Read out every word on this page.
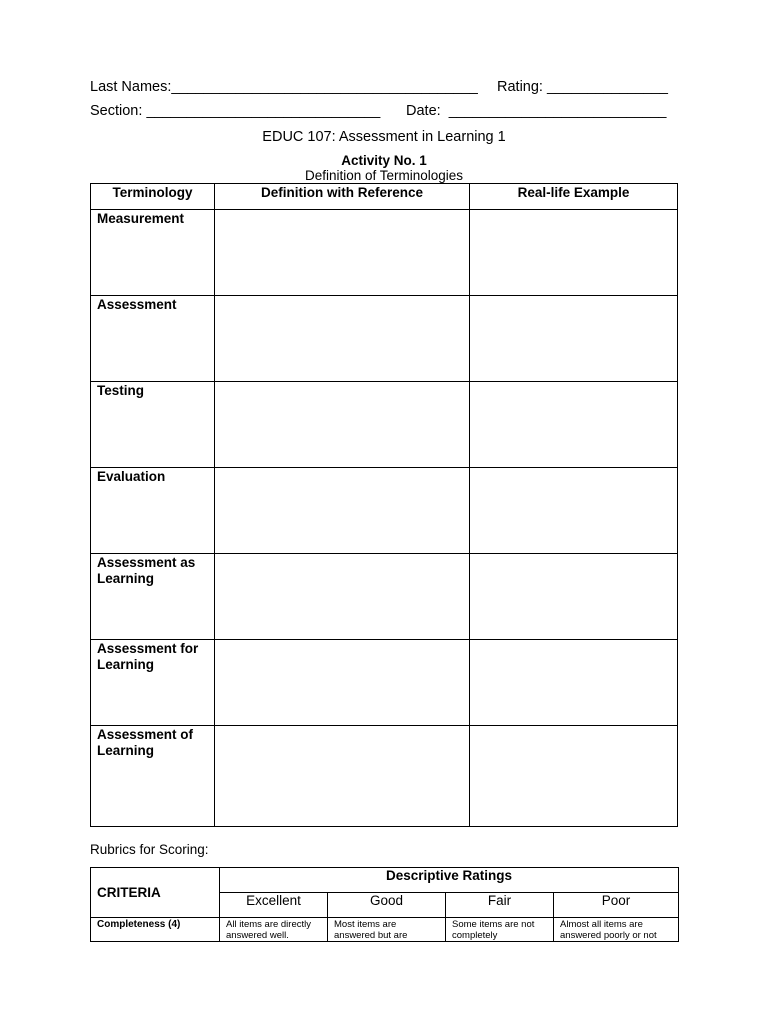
Last Names:______________________________________ Rating: _______________
Section: _____________________________ Date: ___________________________
EDUC 107: Assessment in Learning 1
Activity No. 1
Definition of Terminologies
Terminology	Definition with Reference	Real-life Example
Measurement		
Assessment		
Testing		
Evaluation		
Assessment as Learning		
Assessment for Learning		
Assessment of Learning		
Rubrics for Scoring:
CRITERIA	Descriptive Ratings			
	Excellent	Good	Fair	Poor
Completeness (4)	All items are directly answered well.	Most items are answered but are	Some items are not completely	Almost all items are answered poorly or not
